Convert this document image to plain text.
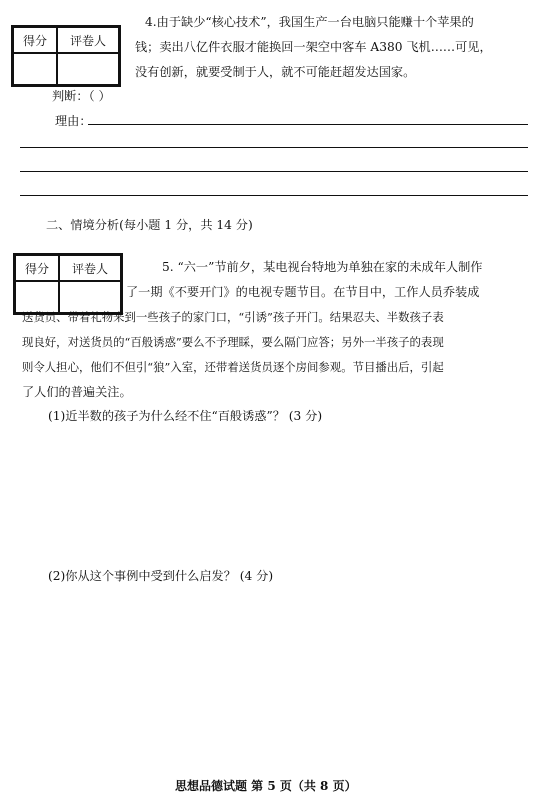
得分	评卷人
4.由于缺少“核心技术”，我国生产一台电脑只能赚十个苹果的
钱；卖出八亿件衣服才能换回一架空中客车 A380 飞机……可见，
没有创新，就要受制于人，就不可能赶超发达国家。
判断：（ ）
理由：
二、情境分析(每小题 1 分，共 14 分)
得分	评卷人	5. “六一”节前夕，某电视台特地为单独在家的未成年人制作
了一期《不要开门》的电视专题节目。在节目中，工作人员乔装成
送货员、带着礼物来到一些孩子的家门口，“引诱”孩子开门。结果忍夫、半数孩子表
现良好，对送货员的“百般诱惑”要么不予理睬，要么隔门应答；另外一半孩子的表现
则令人担心，他们不但引“狼”入室，还带着送货员逐个房间参观。节目播出后，引起
了人们的普遍关注。
(1)近半数的孩子为什么经不住“百般诱惑”？ (3 分)
(2)你从这个事例中受到什么启发？ (4 分)
思想品德试题 第 5 页（共 8 页）
